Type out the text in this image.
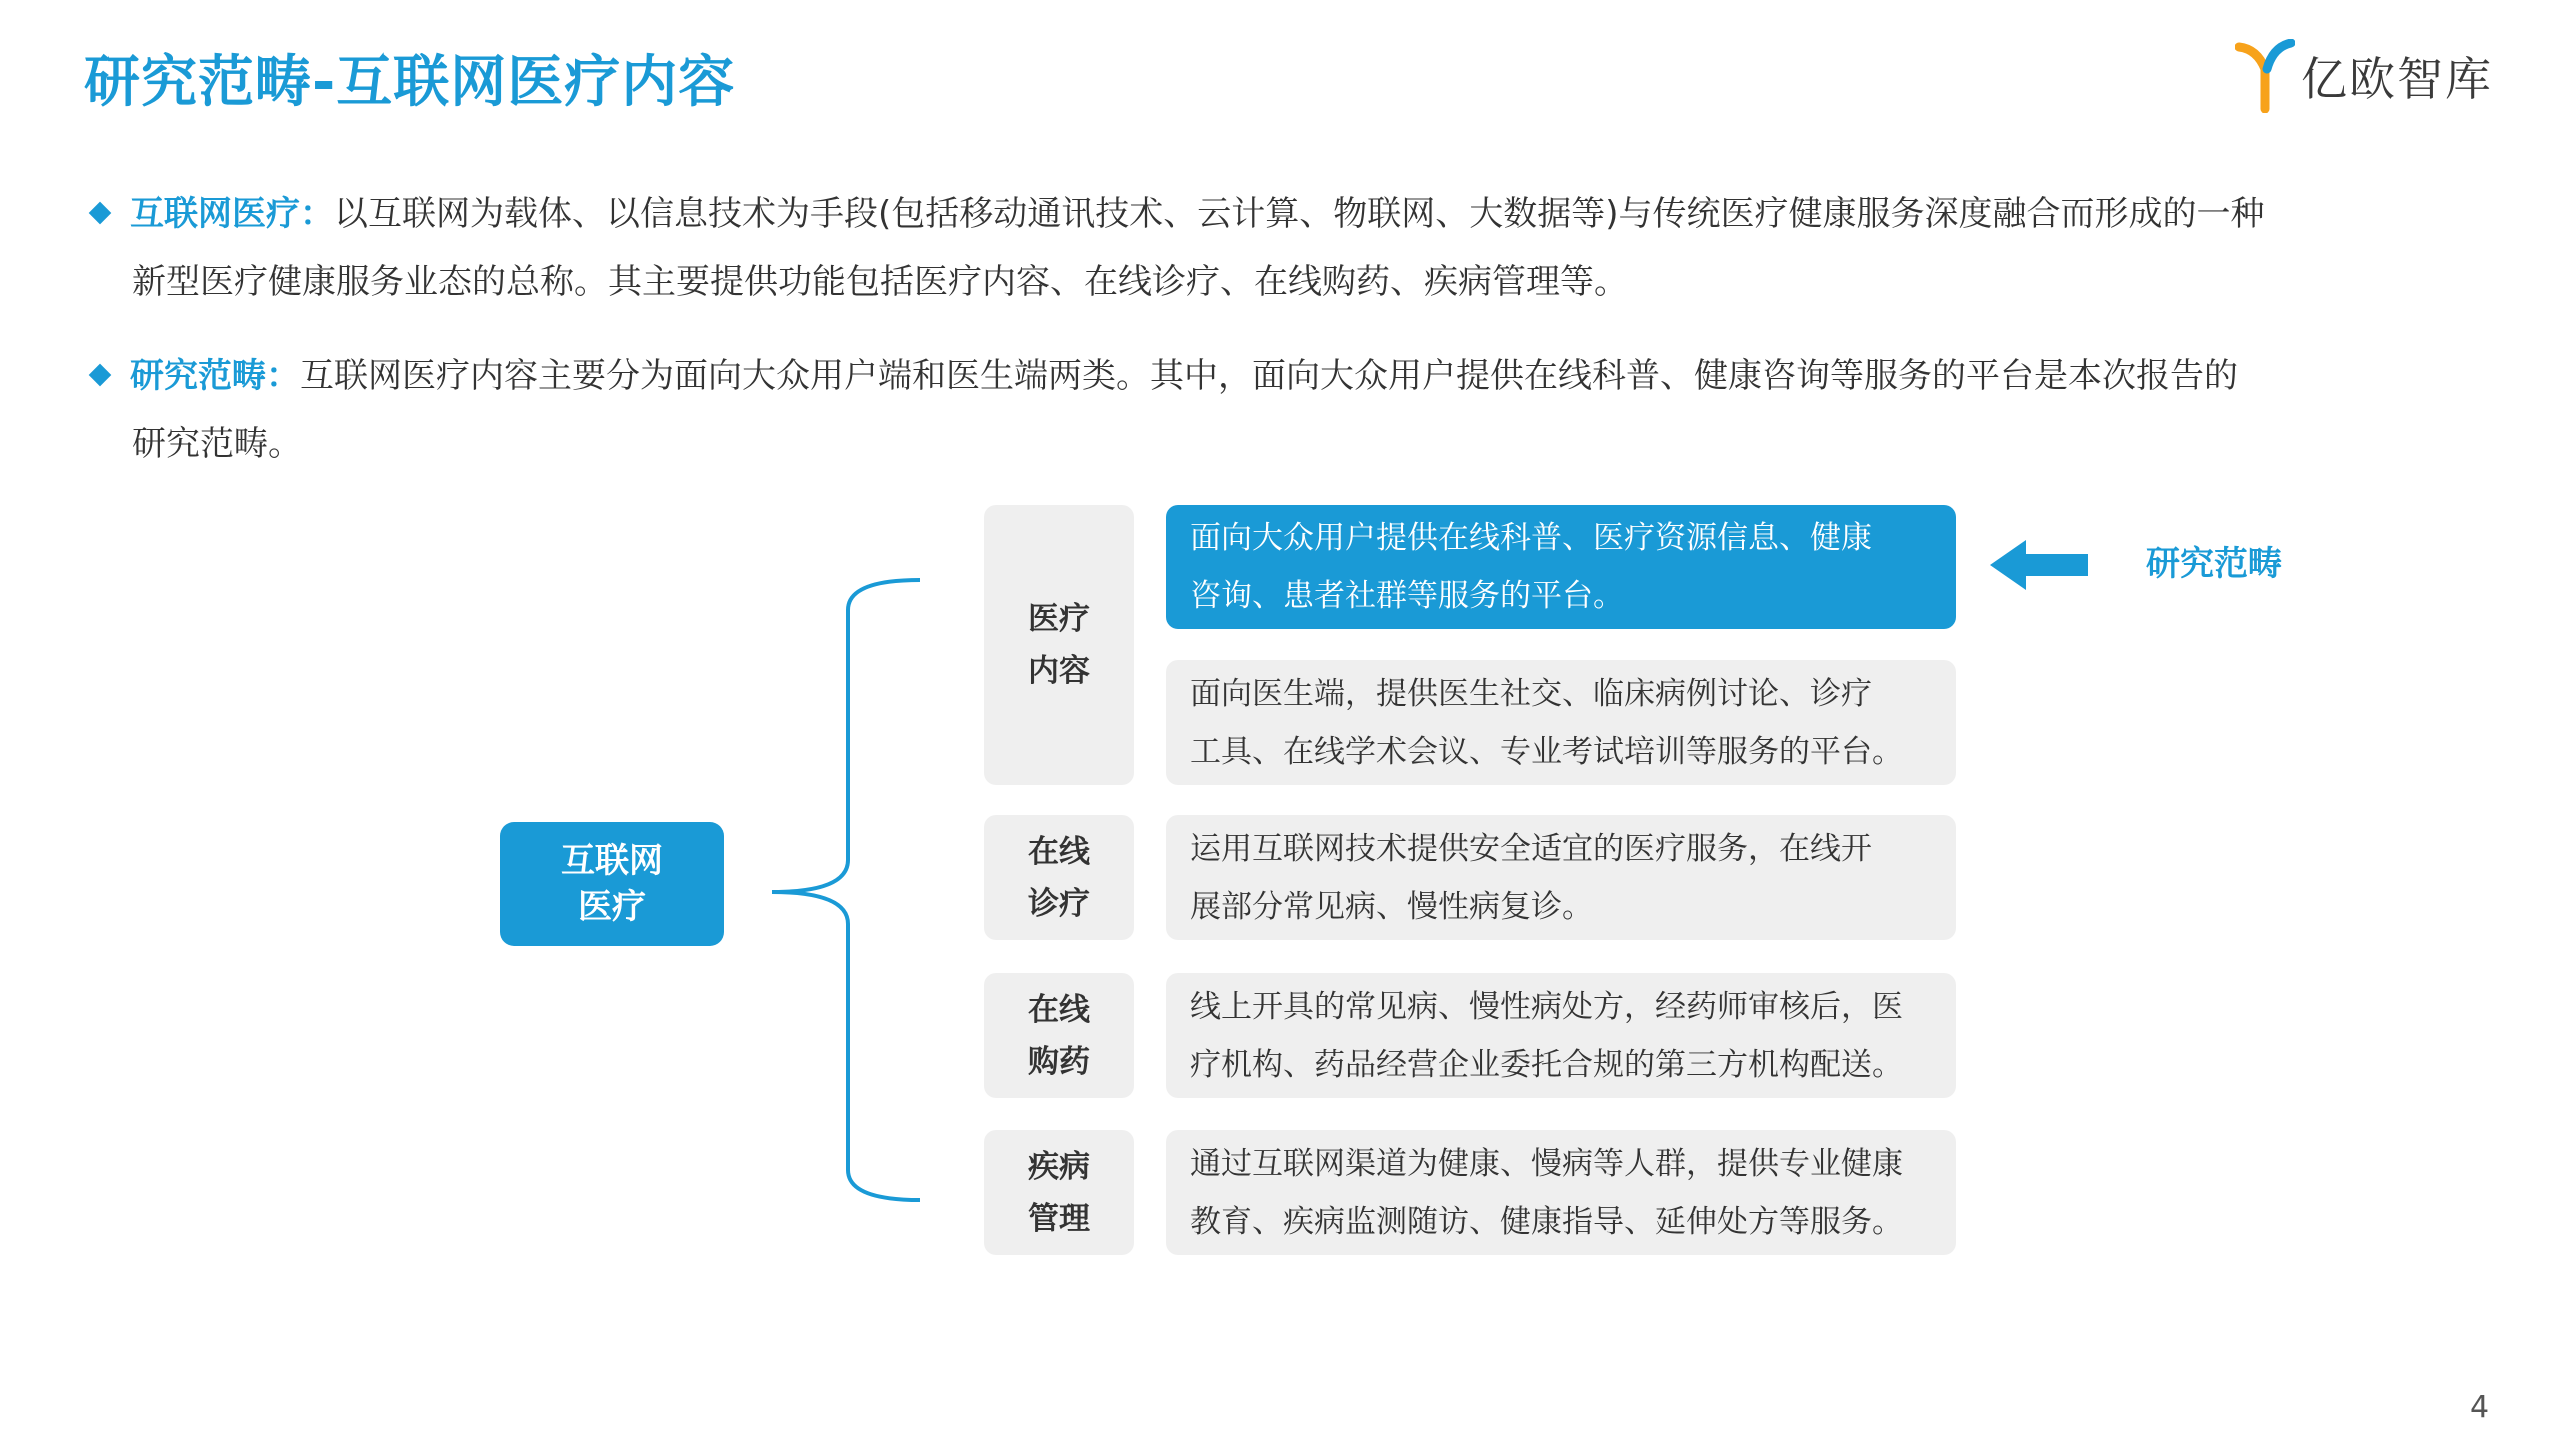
研究范畴-互联网医疗内容	亿欧智库
互联网医疗：以互联网为载体、以信息技术为手段(包括移动通讯技术、云计算、物联网、大数据等)与传统医疗健康服务深度融合而形成的一种
新型医疗健康服务业态的总称。其主要提供功能包括医疗内容、在线诊疗、在线购药、疾病管理等。
研究范畴：互联网医疗内容主要分为面向大众用户端和医生端两类。其中，面向大众用户提供在线科普、健康咨询等服务的平台是本次报告的
研究范畴。
互联网
医疗
医疗
内容
面向大众用户提供在线科普、医疗资源信息、健康
咨询、患者社群等服务的平台。
面向医生端，提供医生社交、临床病例讨论、诊疗
工具、在线学术会议、专业考试培训等服务的平台。
在线
诊疗
运用互联网技术提供安全适宜的医疗服务，在线开
展部分常见病、慢性病复诊。
在线
购药
线上开具的常见病、慢性病处方，经药师审核后，医
疗机构、药品经营企业委托合规的第三方机构配送。
疾病
管理
通过互联网渠道为健康、慢病等人群，提供专业健康
教育、疾病监测随访、健康指导、延伸处方等服务。
研究范畴
4
